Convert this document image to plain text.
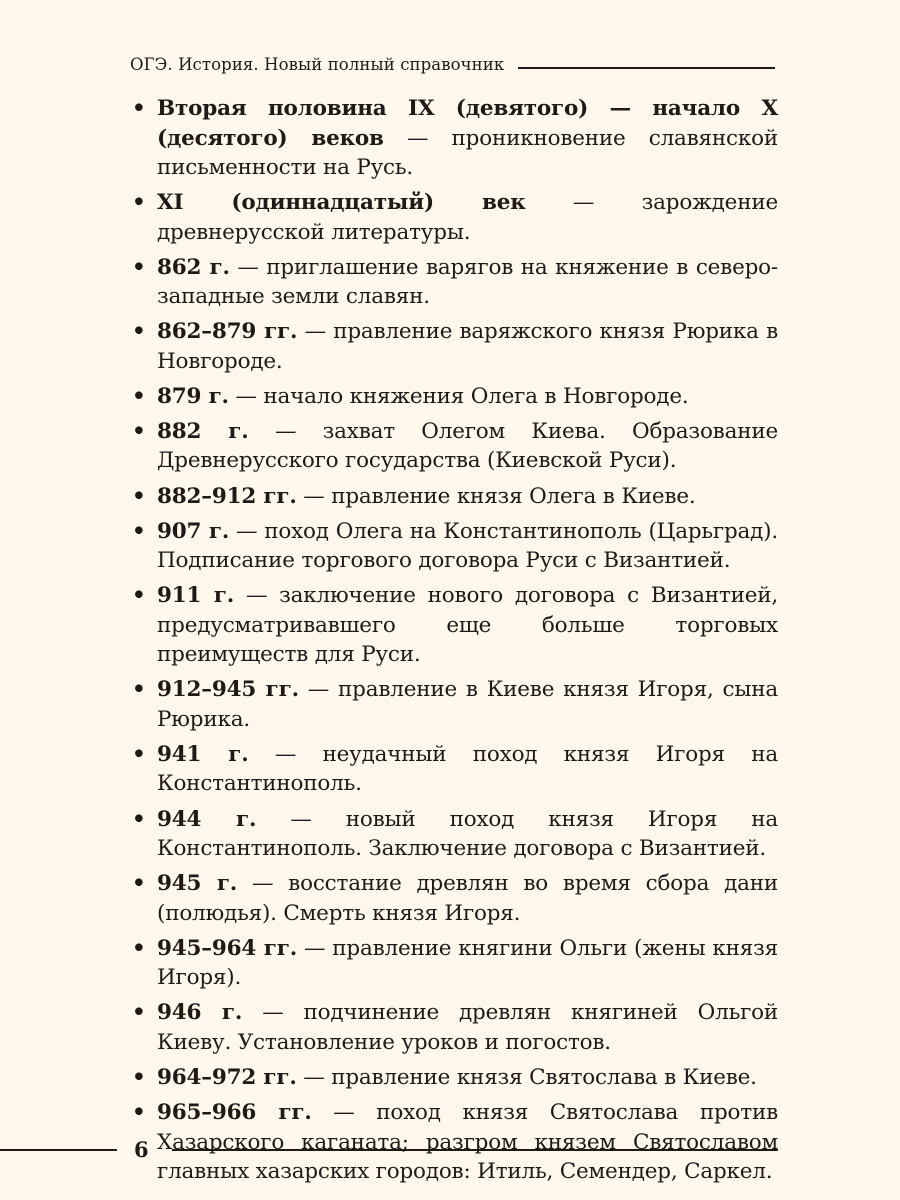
ОГЭ. История. Новый полный справочник
• Вторая половина IX (девятого) — начало X (десятого) веков — проникновение славянской письменности на Русь.
• XI (одиннадцатый) век — зарождение древнерусской литературы.
• 862 г. — приглашение варягов на княжение в северо-западные земли славян.
• 862–879 гг. — правление варяжского князя Рюрика в Новгороде.
• 879 г. — начало княжения Олега в Новгороде.
• 882 г. — захват Олегом Киева. Образование Древнерусского государства (Киевской Руси).
• 882–912 гг. — правление князя Олега в Киеве.
• 907 г. — поход Олега на Константинополь (Царьград). Подписание торгового договора Руси с Византией.
• 911 г. — заключение нового договора с Византией, предусматривавшего еще больше торговых преимуществ для Руси.
• 912–945 гг. — правление в Киеве князя Игоря, сына Рюрика.
• 941 г. — неудачный поход князя Игоря на Константинополь.
• 944 г. — новый поход князя Игоря на Константинополь. Заключение договора с Византией.
• 945 г. — восстание древлян во время сбора дани (полюдья). Смерть князя Игоря.
• 945–964 гг. — правление княгини Ольги (жены князя Игоря).
• 946 г. — подчинение древлян княгиней Ольгой Киеву. Установление уроков и погостов.
• 964–972 гг. — правление князя Святослава в Киеве.
• 965–966 гг. — поход князя Святослава против Хазарского каганата; разгром князем Святославом главных хазарских городов: Итиль, Семендер, Саркел.
6
